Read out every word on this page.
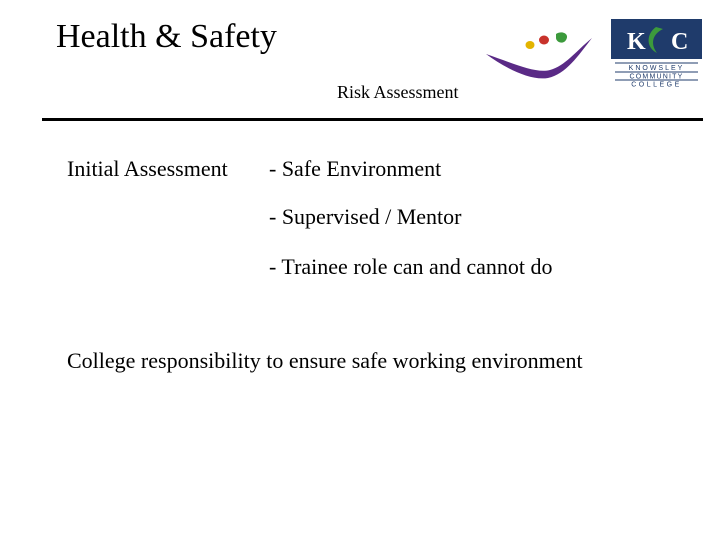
Health & Safety	K C
KNOWSLEY
COMMUNITY
COLLEGE
Risk Assessment
Initial Assessment - Safe Environment
- Supervised / Mentor
- Trainee role can and cannot do
College responsibility to ensure safe working environment
